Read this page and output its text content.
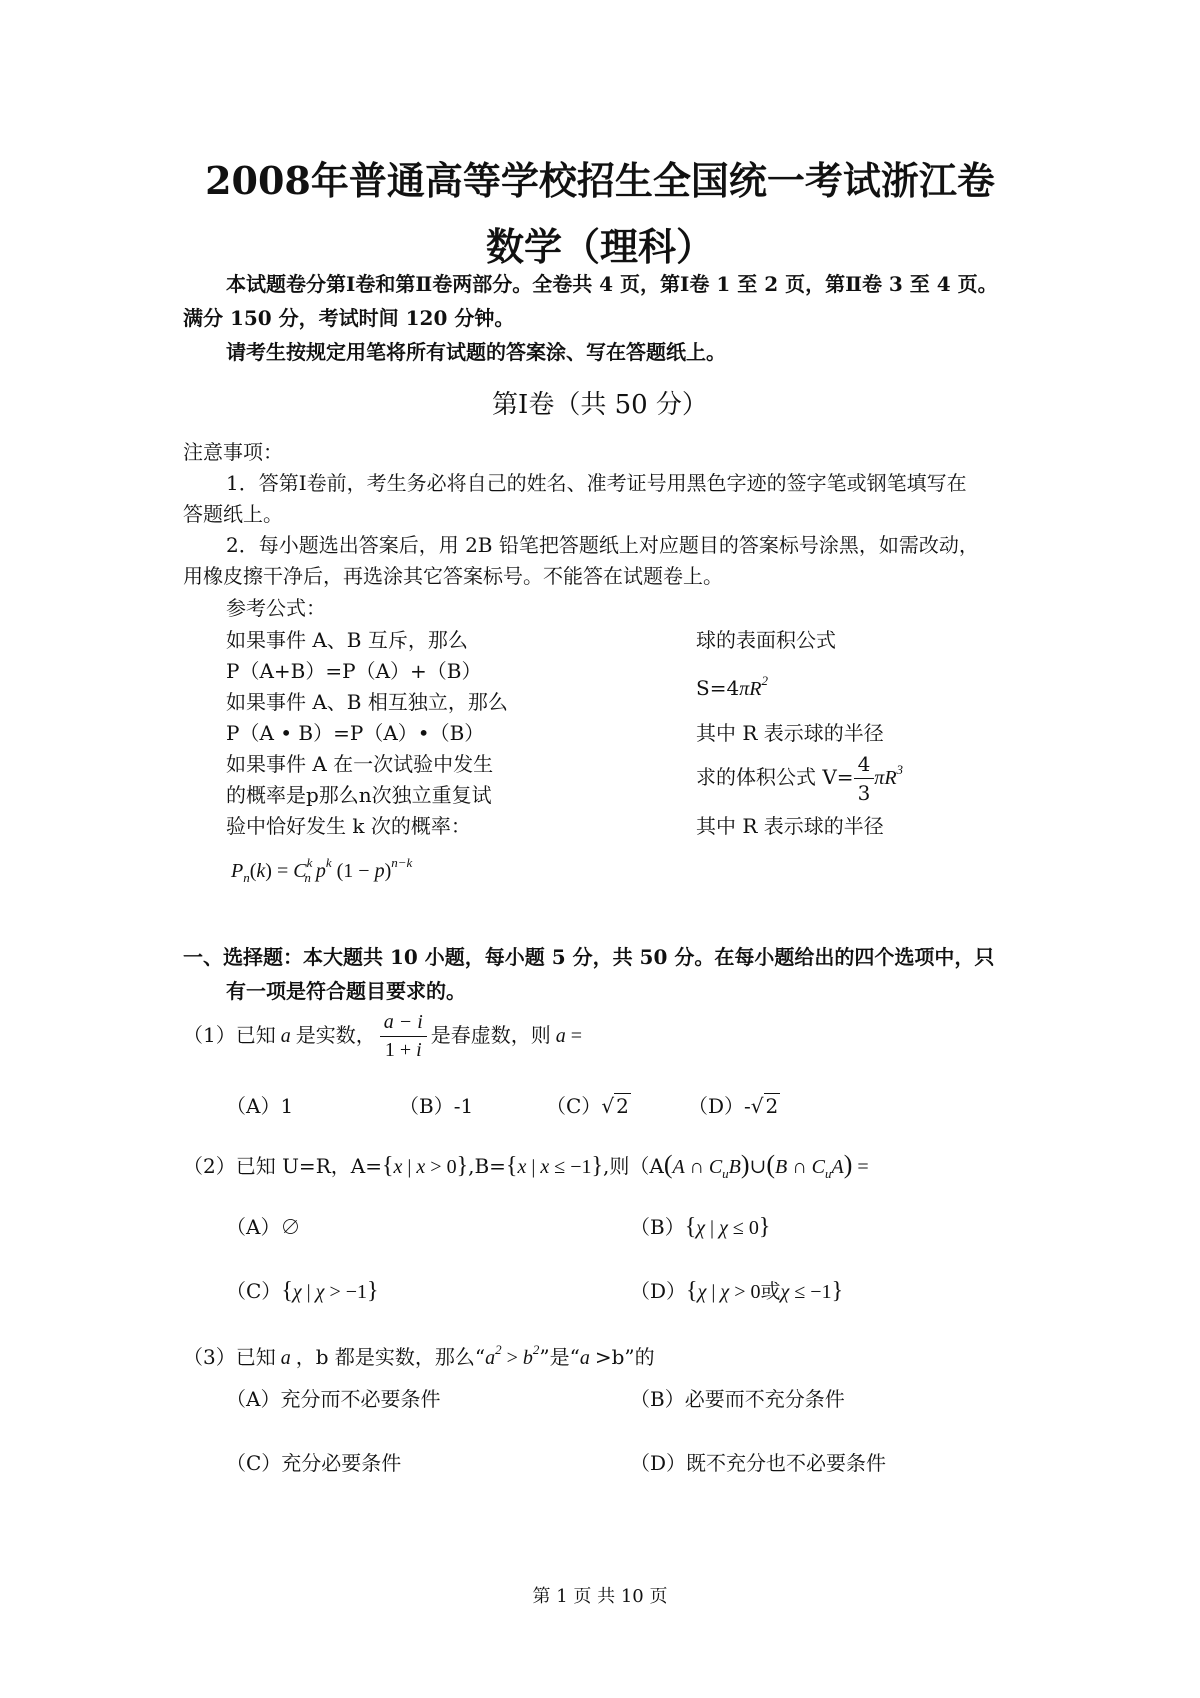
2008年普通高等学校招生全国统一考试浙江卷
数学（理科）
本试题卷分第Ⅰ卷和第Ⅱ卷两部分。全卷共 4 页，第Ⅰ卷 1 至 2 页，第Ⅱ卷 3 至 4 页。
满分 150 分，考试时间 120 分钟。
请考生按规定用笔将所有试题的答案涂、写在答题纸上。
第Ⅰ卷（共 50 分）
注意事项：
1．答第Ⅰ卷前，考生务必将自己的姓名、准考证号用黑色字迹的签字笔或钢笔填写在
答题纸上。
2．每小题选出答案后，用 2B 铅笔把答题纸上对应题目的答案标号涂黑，如需改动，
用橡皮擦干净后，再选涂其它答案标号。不能答在试题卷上。
参考公式：
如果事件 A、B 互斥，那么
P（A+B）=P（A）+（B）
如果事件 A、B 相互独立，那么
P（A • B）=P（A）•（B）
如果事件 A 在一次试验中发生
的概率是p那么n次独立重复试
验中恰好发生 k 次的概率：
$P_n(k) = C^k_n$ $p^k$ $(1 - p)^{n-k}$
球的表面积公式
$S=4\pi R^2$
其中 R 表示球的半径
求的体积公式 $V= \frac{4}{3} \pi R^3$
其中 R 表示球的半径
一、选择题：本大题共 10 小题，每小题 5 分，共 50 分。在每小题给出的四个选项中，只
有一项是符合题目要求的。
（1）已知 a 是实数， $\frac{a - i}{1 + i}$ 是春虚数，则 a =
（A）1	（B）-1	（C）√ 2	（D）-√ 2
（2）已知 U=R，A={x | x > 0},B={x | x ≤ −1},则（A(A ∩ $C_uB)\cup(B$ ∩ $C_uA$) =
（A）∅	（B）{χ | χ ≤ 0}
（C）{χ | χ > −1}	（D）{χ | χ > 0或χ ≤ −1}
（3）已知 a ，b 都是实数，那么“$a^2 > b^2$”是“a >b”的
（A）充分而不必要条件	（B）必要而不充分条件
（C）充分必要条件	（D）既不充分也不必要条件
第 1 页 共 10 页
